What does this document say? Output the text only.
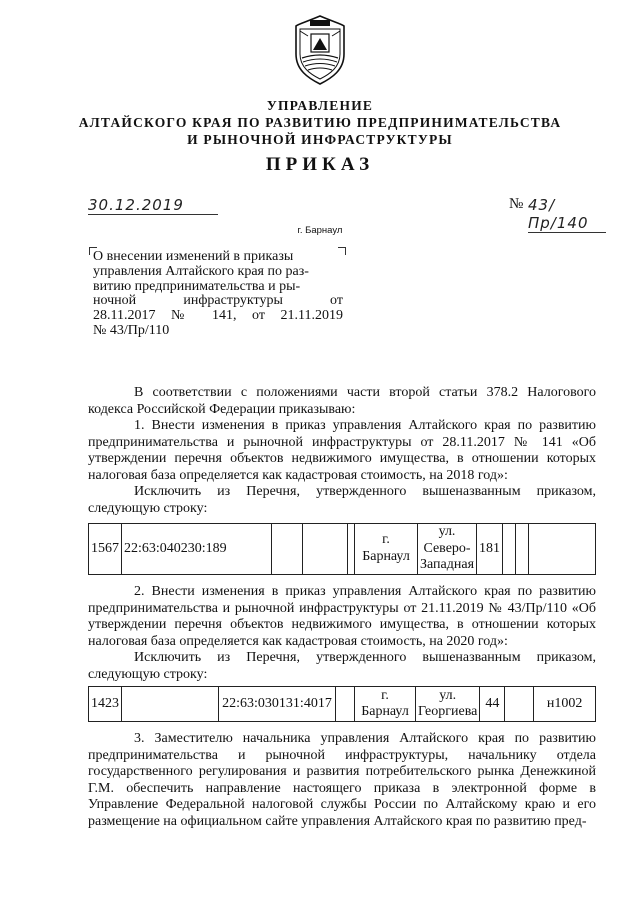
УПРАВЛЕНИЕ
АЛТАЙСКОГО КРАЯ ПО РАЗВИТИЮ ПРЕДПРИНИМАТЕЛЬСТВА
И РЫНОЧНОЙ ИНФРАСТРУКТУРЫ
ПРИКАЗ
30.12.2019	№ 43/Пр/140
г. Барнаул

О внесении изменений в приказы

управления Алтайского края по раз-

витию предпринимательства и ры-

ночной инфраструктуры от

28.11.2017 № 141, от 21.11.2019

№ 43/Пр/110

В соответствии с положениями части второй статьи 378.2 Налогового кодекса Российской Федерации приказываю:

1. Внести изменения в приказ управления Алтайского края по развитию предпринимательства и рыночной инфраструктуры от 28.11.2017 № 141 «Об утверждении перечня объектов недвижимого имущества, в отношении которых налоговая база определяется как кадастровая стоимость, на 2018 год»:

Исключить из Перечня, утвержденного вышеназванным приказом, следующую строку:

1567	22:63:040230:189				г. Барнаул	ул. Северо-Западная	181			

2. Внести изменения в приказ управления Алтайского края по развитию предпринимательства и рыночной инфраструктуры от 21.11.2019 № 43/Пр/110 «Об утверждении перечня объектов недвижимого имущества, в отношении которых налоговая база определяется как кадастровая стоимость, на 2020 год»:

Исключить из Перечня, утвержденного вышеназванным приказом, следующую строку:

1423		22:63:030131:4017		г. Барнаул	ул. Георгиева	44		н1002

3. Заместителю начальника управления Алтайского края по развитию предпринимательства и рыночной инфраструктуры, начальнику отдела государственного регулирования и развития потребительского рынка Денежкиной Г.М. обеспечить направление настоящего приказа в электронной форме в Управление Федеральной налоговой службы России по Алтайскому краю и его размещение на официальном сайте управления Алтайского края по развитию пред-
